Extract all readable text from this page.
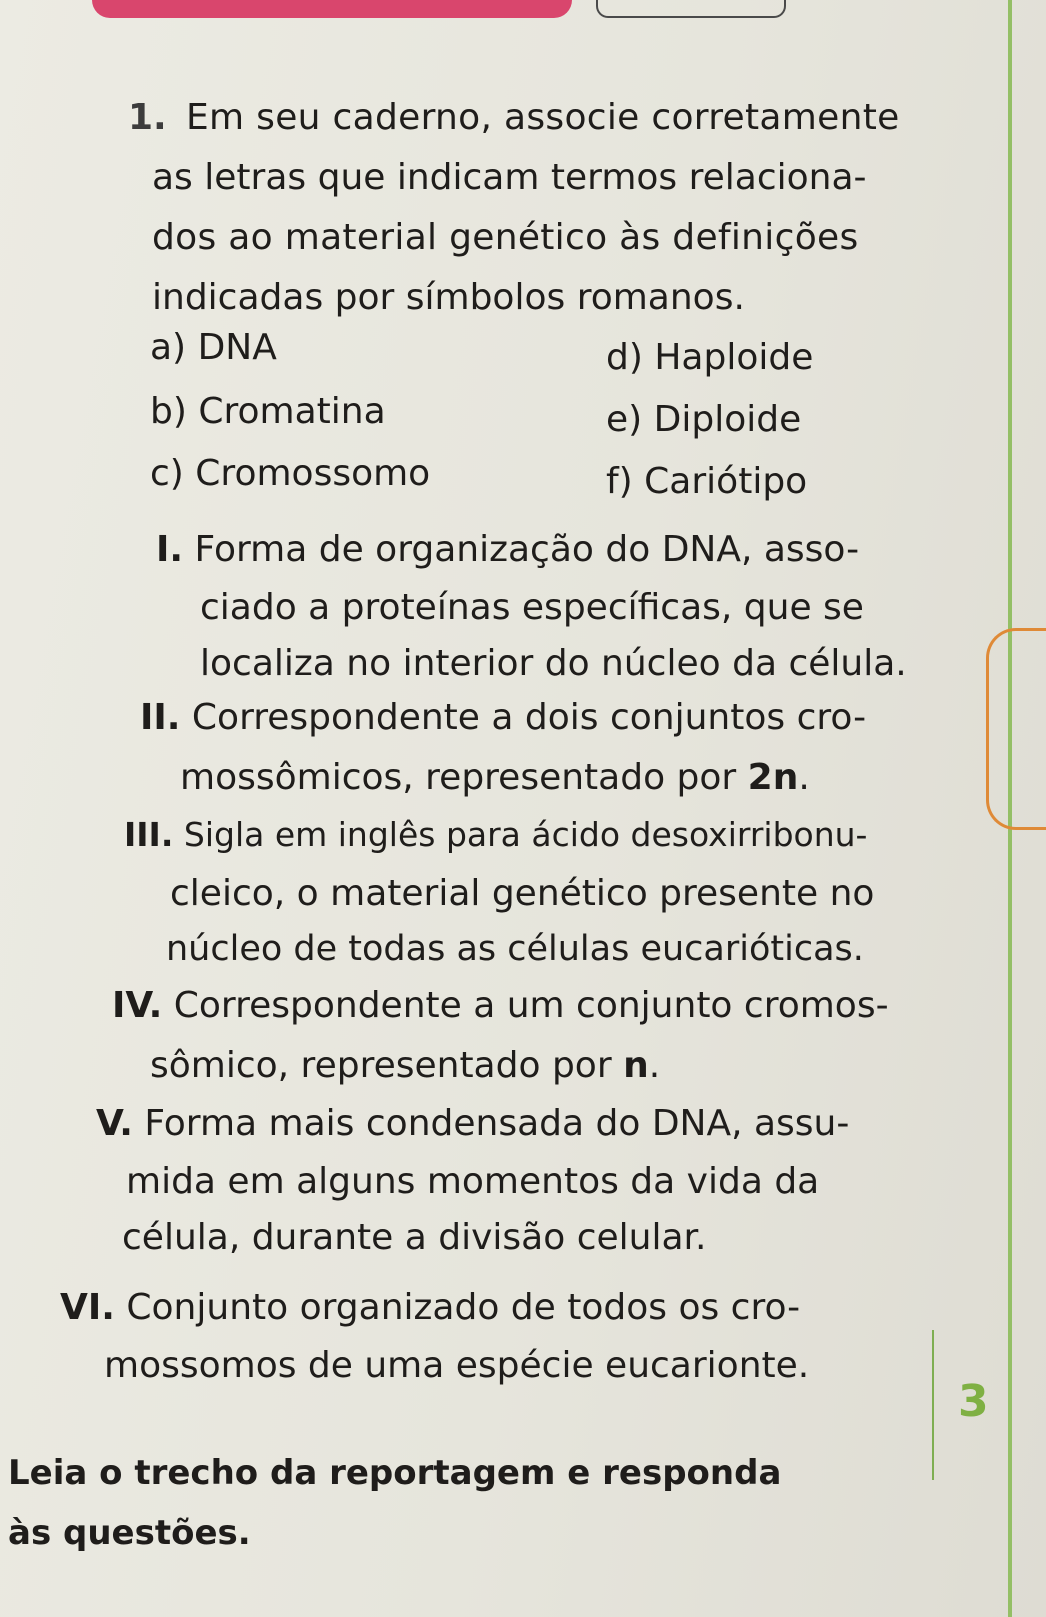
3
1. Em seu caderno, associe corretamente
as letras que indicam termos relaciona-
dos ao material genético às definições
indicadas por símbolos romanos.
a) DNA
b) Cromatina
c) Cromossomo
d) Haploide
e) Diploide
f) Cariótipo
I. Forma de organização do DNA, asso-
ciado a proteínas específicas, que se
localiza no interior do núcleo da célula.
II. Correspondente a dois conjuntos cro-
mossômicos, representado por 2n.
III. Sigla em inglês para ácido desoxirribonu-
cleico, o material genético presente no
núcleo de todas as células eucarióticas.
IV. Correspondente a um conjunto cromos-
sômico, representado por n.
V. Forma mais condensada do DNA, assu-
mida em alguns momentos da vida da
célula, durante a divisão celular.
VI. Conjunto organizado de todos os cro-
mossomos de uma espécie eucarionte.
Leia o trecho da reportagem e responda
às questões.
